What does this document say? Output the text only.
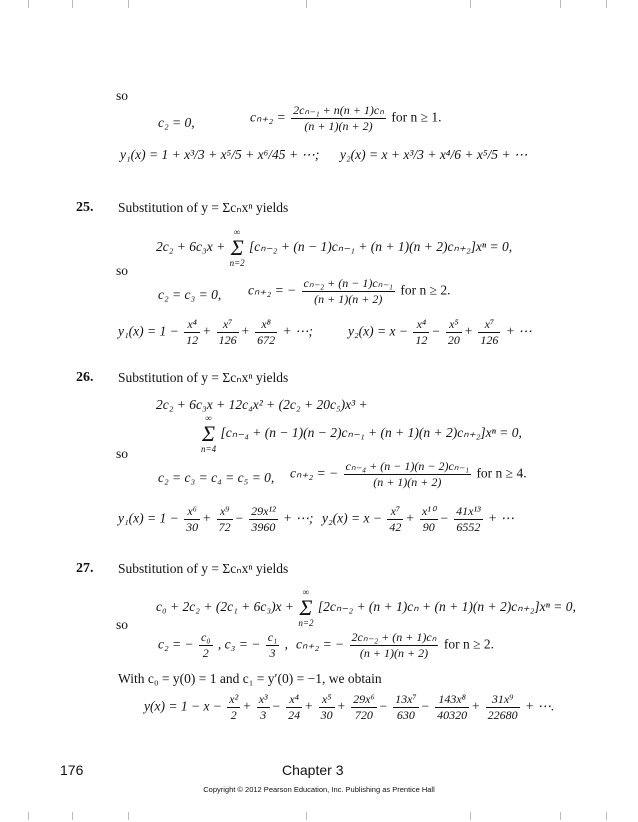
so
c₂ = 0,	$c_{n+2} = \frac{\text{2cₙ₋₁ + n(n + 1)cₙ}}{(n + 1)(n + 2)}$ for n ≥ 1.
y₁(x) = 1 + x³/3 + x⁵/5 + x⁶/45 + ⋯; y₂(x) = x + x³/3 + x⁴/6 + x⁵/5 + ⋯
25. Substitution of y = Σcₙxⁿ yields
2c₂ + 6c₃x + ∞
Σ
n=2 [cₙ₋₂ + (n − 1)cₙ₋₁ + (n + 1)(n + 2)cₙ₊₂]xⁿ = 0,
so
c₂ = c₃ = 0, cₙ₊₂ = − $\frac{\text{cₙ₋₂ + (n − 1)cₙ₋₁}}{(n + 1)(n + 2)}$ for n ≥ 2.
$y_1(x) = 1 - \frac{\text{x⁴}}{12} + \frac{\text{x⁷}}{126} + \frac{\text{x⁸}}{672}$ + ⋯;	$y_2(x) = x - \frac{\text{x⁴}}{12} - \frac{\text{x⁵}}{20} + \frac{\text{x⁷}}{126}$ + ⋯
26. Substitution of y = Σcₙxⁿ yields
2c₂ + 6c₃x + 12c₄x² + (2c₂ + 20c₅)x³ +
∞
Σ
n=4 [cₙ₋₄ + (n − 1)(n − 2)cₙ₋₁ + (n + 1)(n + 2)cₙ₊₂]xⁿ = 0,
so
c₂ = c₃ = c₄ = c₅ = 0, cₙ₊₂ = − $\frac{\text{cₙ₋₄ + (n − 1)(n − 2)cₙ₋₁}}{(n + 1)(n + 2)}$ for n ≥ 4.
$y_1(x) = 1 - \frac{\text{x⁶}}{30} + \frac{\text{x⁹}}{72} - \frac{\text{29x¹²}}{3960}$ + ⋯; $y_2(x) = x - \frac{\text{x⁷}}{42} + \frac{\text{x¹⁰}}{90} - \frac{\text{41x¹³}}{6552}$ + ⋯
27. Substitution of y = Σcₙxⁿ yields
c₀ + 2c₂ + (2c₁ + 6c₃)x + ∞
Σ
n=2 [2cₙ₋₂ + (n + 1)cₙ + (n + 1)(n + 2)cₙ₊₂]xⁿ = 0,
so
c₂ = − $\frac{\text{c₀}}{2}$ , c₃ = − $\frac{\text{c₁}}{3}$ , cₙ₊₂ = − $\frac{\text{2cₙ₋₂ + (n + 1)cₙ}}{(n + 1)(n + 2)}$ for n ≥ 2.
With c₀ = y(0) = 1 and c₁ = y′(0) = −1, we obtain
$y(x) = 1 - x - \frac{\text{x²}}{2} + \frac{\text{x³}}{3} - \frac{\text{x⁴}}{24} + \frac{\text{x⁵}}{30} + \frac{\text{29x⁶}}{720} - \frac{\text{13x⁷}}{630} - \frac{\text{143x⁸}}{40320} + \frac{\text{31x⁹}}{22680}$ + ⋯.
176	Chapter 3
Copyright © 2012 Pearson Education, Inc. Publishing as Prentice Hall
